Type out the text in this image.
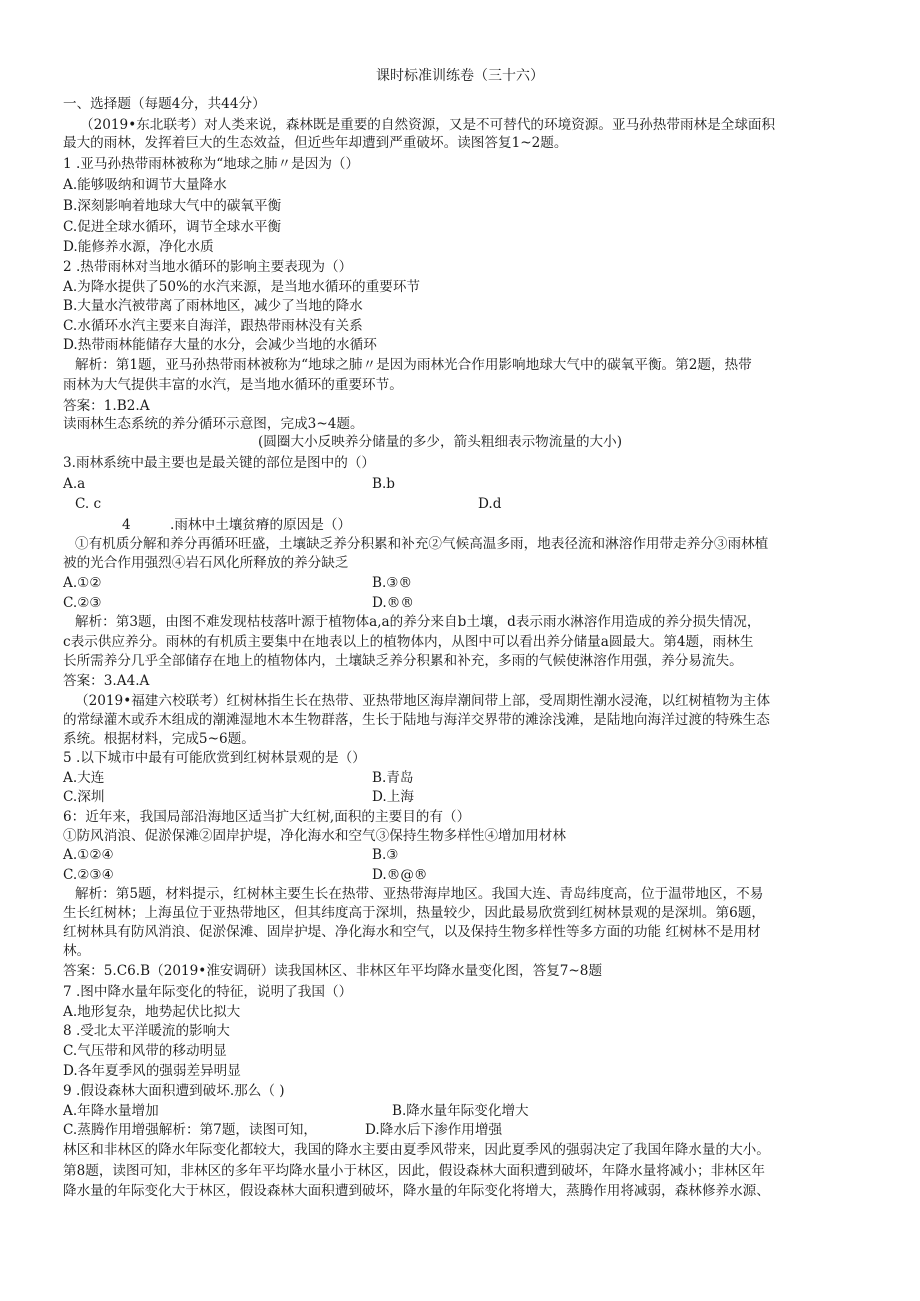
课时标准训练卷（三十六）
一、选择题（每题4分，共44分）
（2019•东北联考）对人类来说，森林既是重要的自然资源，又是不可替代的环境资源。亚马孙热带雨林是全球面积
最大的雨林，发挥着巨大的生态效益，但近些年却遭到严重破坏。读图答复1~2题。
1 .亚马孙热带雨林被称为“地球之肺〃是因为（）
A.能够吸纳和调节大量降水
B.深刻影响着地球大气中的碳氧平衡
C.促进全球水循环，调节全球水平衡
D.能修养水源，净化水质
2 .热带雨林对当地水循环的影响主要表现为（）
A.为降水提供了50%的水汽来源，是当地水循环的重要环节
B.大量水汽被带离了雨林地区，减少了当地的降水
C.水循环水汽主要来自海洋，跟热带雨林没有关系
D.热带雨林能储存大量的水分，会减少当地的水循环
解析：第1题，亚马孙热带雨林被称为“地球之肺〃是因为雨林光合作用影响地球大气中的碳氧平衡。第2题，热带
雨林为大气提供丰富的水汽，是当地水循环的重要环节。
答案：1.B2.A
读雨林生态系统的养分循环示意图，完成3~4题。
(圆圈大小反映养分储量的多少，箭头粗细表示物流量的大小)
3.雨林系统中最主要也是最关键的部位是图中的（）
A.a	B.b
C. c	D.d
4	.雨林中土壤贫瘠的原因是（）
①有机质分解和养分再循环旺盛，土壤缺乏养分积累和补充②气候高温多雨，地表径流和淋溶作用带走养分③雨林植
被的光合作用强烈④岩石风化所释放的养分缺乏
A.①②	B.③®
C.②③	D.®®
解析：第3题，由图不难发现枯枝落叶源于植物体a,a的养分来自b土壤，d表示雨水淋溶作用造成的养分损失情况，
c表示供应养分。雨林的有机质主要集中在地表以上的植物体内，从图中可以看出养分储量a圆最大。第4题，雨林生
长所需养分几乎全部储存在地上的植物体内，土壤缺乏养分积累和补充，多雨的气候使淋溶作用强，养分易流失。
答案：3.A4.A
（2019•福建六校联考）红树林指生长在热带、亚热带地区海岸潮间带上部，受周期性潮水浸淹，以红树植物为主体
的常绿灌木或乔木组成的潮滩湿地木本生物群落，生长于陆地与海洋交界带的滩涂浅滩，是陆地向海洋过渡的特殊生态
系统。根据材料，完成5~6题。
5 .以下城市中最有可能欣赏到红树林景观的是（）
A.大连	B.青岛
C.深圳	D.上海
6：近年来，我国局部沿海地区适当扩大红树,面积的主要目的有（）
①防风消浪、促淤保滩②固岸护堤，净化海水和空气③保持生物多样性④增加用材林
A.①②④	B.③
C.②③④	D.®@®
解析：第5题，材料提示，红树林主要生长在热带、亚热带海岸地区。我国大连、青岛纬度高，位于温带地区，不易
生长红树林；上海虽位于亚热带地区，但其纬度高于深圳，热量较少，因此最易欣赏到红树林景观的是深圳。第6题，
红树林具有防风消浪、促淤保滩、固岸护堤、净化海水和空气，以及保持生物多样性等多方面的功能 红树林不是用材
林。
答案：5.C6.B（2019•淮安调研）读我国林区、非林区年平均降水量变化图，答复7~8题
7 .图中降水量年际变化的特征，说明了我国（）
A.地形复杂，地势起伏比拟大
8 .受北太平洋暖流的影响大
C.气压带和风带的移动明显
D.各年夏季风的强弱差异明显
9 .假设森林大面积遭到破坏.那么（ )
A.年降水量增加	B.降水量年际变化增大
C.蒸腾作用增强解析：第7题，读图可知，	D.降水后下渗作用增强
林区和非林区的降水年际变化都较大，我国的降水主要由夏季风带来，因此夏季风的强弱决定了我国年降水量的大小。
第8题，读图可知，非林区的多年平均降水量小于林区，因此，假设森林大面积遭到破坏，年降水量将减小；非林区年
降水量的年际变化大于林区，假设森林大面积遭到破坏，降水量的年际变化将增大，蒸腾作用将减弱，森林修养水源、
